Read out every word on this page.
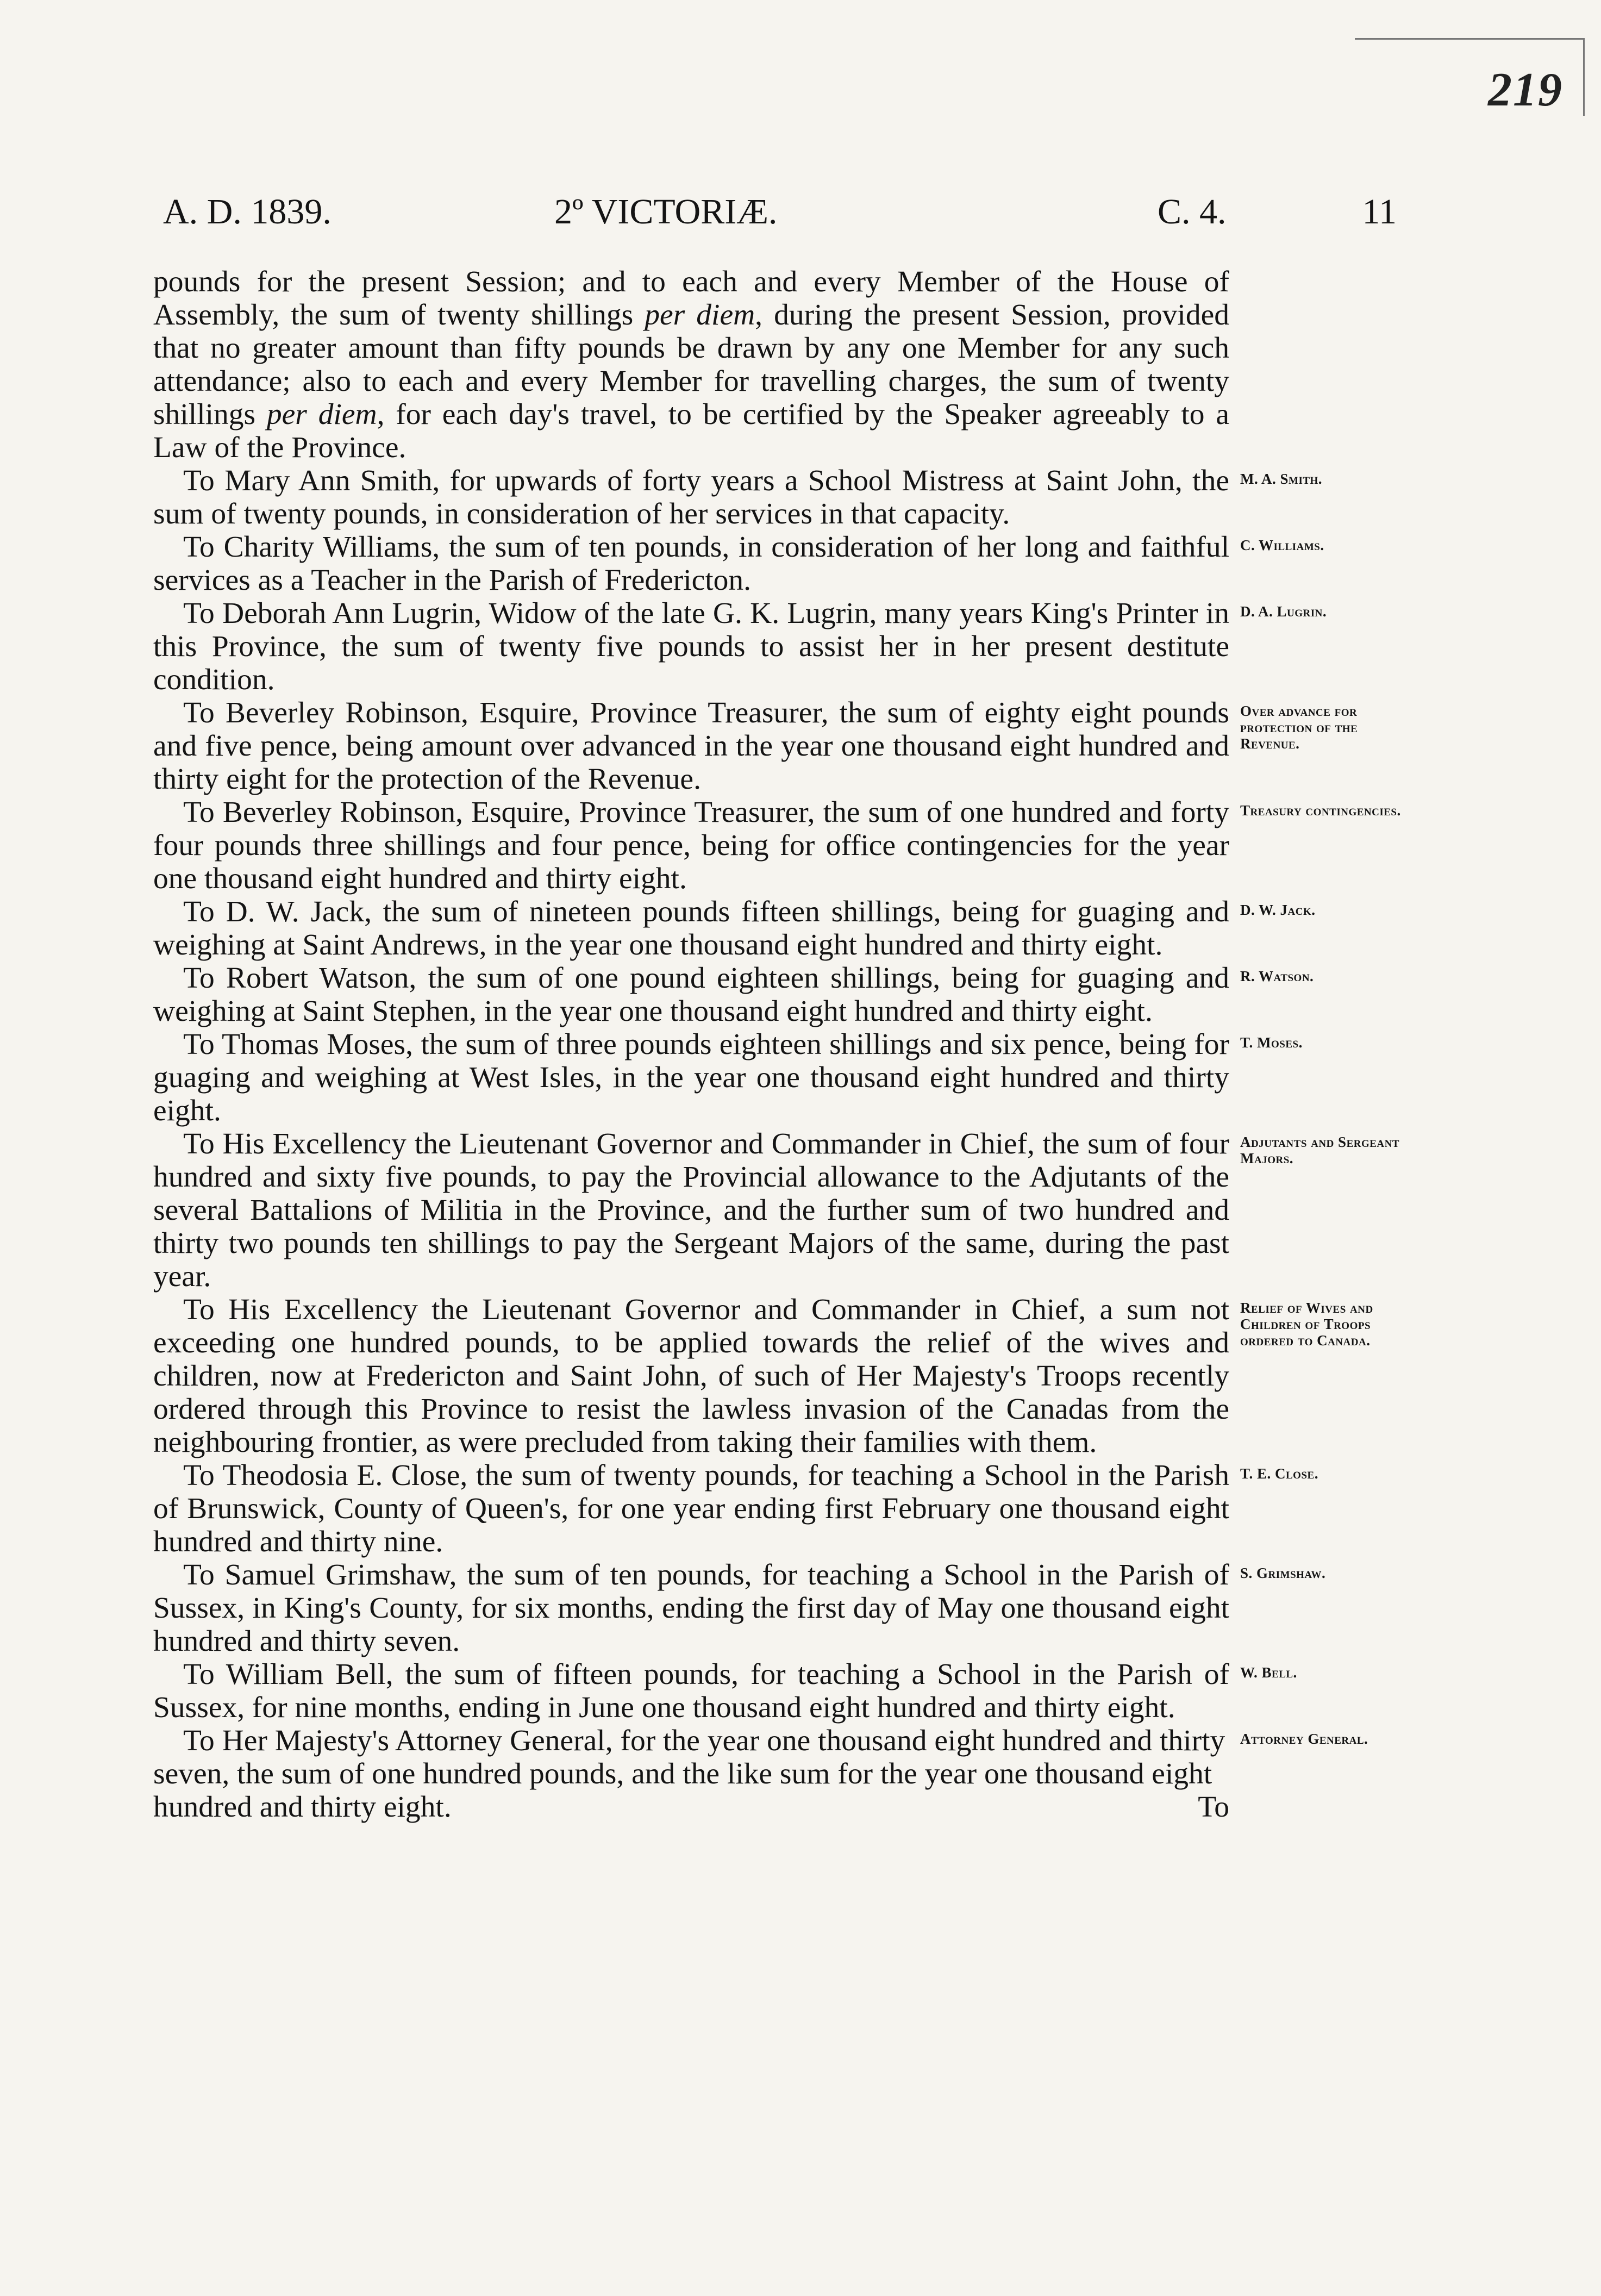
219
A. D. 1839.	2º VICTORIÆ.	C. 4.	11

pounds for the present Session; and to each and every Member of the House of Assembly, the sum of twenty shillings per diem, during the present Session, provided that no greater amount than fifty pounds be drawn by any one Member for any such attendance; also to each and every Member for travelling charges, the sum of twenty shillings per diem, for each day's travel, to be certified by the Speaker agreeably to a Law of the Province.

M. A. Smith.
To Mary Ann Smith, for upwards of forty years a School Mistress at Saint John, the sum of twenty pounds, in consideration of her services in that capacity.

C. Williams.
To Charity Williams, the sum of ten pounds, in consideration of her long and faithful services as a Teacher in the Parish of Fredericton.

D. A. Lugrin.
To Deborah Ann Lugrin, Widow of the late G. K. Lugrin, many years King's Printer in this Province, the sum of twenty five pounds to assist her in her present destitute condition.

Over advance for protection of the Revenue.
To Beverley Robinson, Esquire, Province Treasurer, the sum of eighty eight pounds and five pence, being amount over advanced in the year one thousand eight hundred and thirty eight for the protection of the Revenue.

Treasury contingencies.
To Beverley Robinson, Esquire, Province Treasurer, the sum of one hundred and forty four pounds three shillings and four pence, being for office contingencies for the year one thousand eight hundred and thirty eight.

D. W. Jack.
To D. W. Jack, the sum of nineteen pounds fifteen shillings, being for guaging and weighing at Saint Andrews, in the year one thousand eight hundred and thirty eight.

R. Watson.
To Robert Watson, the sum of one pound eighteen shillings, being for guaging and weighing at Saint Stephen, in the year one thousand eight hundred and thirty eight.

T. Moses.
To Thomas Moses, the sum of three pounds eighteen shillings and six pence, being for guaging and weighing at West Isles, in the year one thousand eight hundred and thirty eight.

Adjutants and Sergeant Majors.
To His Excellency the Lieutenant Governor and Commander in Chief, the sum of four hundred and sixty five pounds, to pay the Provincial allowance to the Adjutants of the several Battalions of Militia in the Province, and the further sum of two hundred and thirty two pounds ten shillings to pay the Sergeant Majors of the same, during the past year.

Relief of Wives and Children of Troops ordered to Canada.
To His Excellency the Lieutenant Governor and Commander in Chief, a sum not exceeding one hundred pounds, to be applied towards the relief of the wives and children, now at Fredericton and Saint John, of such of Her Majesty's Troops recently ordered through this Province to resist the lawless invasion of the Canadas from the neighbouring frontier, as were precluded from taking their families with them.

T. E. Close.
To Theodosia E. Close, the sum of twenty pounds, for teaching a School in the Parish of Brunswick, County of Queen's, for one year ending first February one thousand eight hundred and thirty nine.

S. Grimshaw.
To Samuel Grimshaw, the sum of ten pounds, for teaching a School in the Parish of Sussex, in King's County, for six months, ending the first day of May one thousand eight hundred and thirty seven.

W. Bell.
To William Bell, the sum of fifteen pounds, for teaching a School in the Parish of Sussex, for nine months, ending in June one thousand eight hundred and thirty eight.

Attorney General.
To Her Majesty's Attorney General, for the year one thousand eight hundred and thirty seven, the sum of one hundred pounds, and the like sum for the year one thousand eight hundred and thirty eight.	To
